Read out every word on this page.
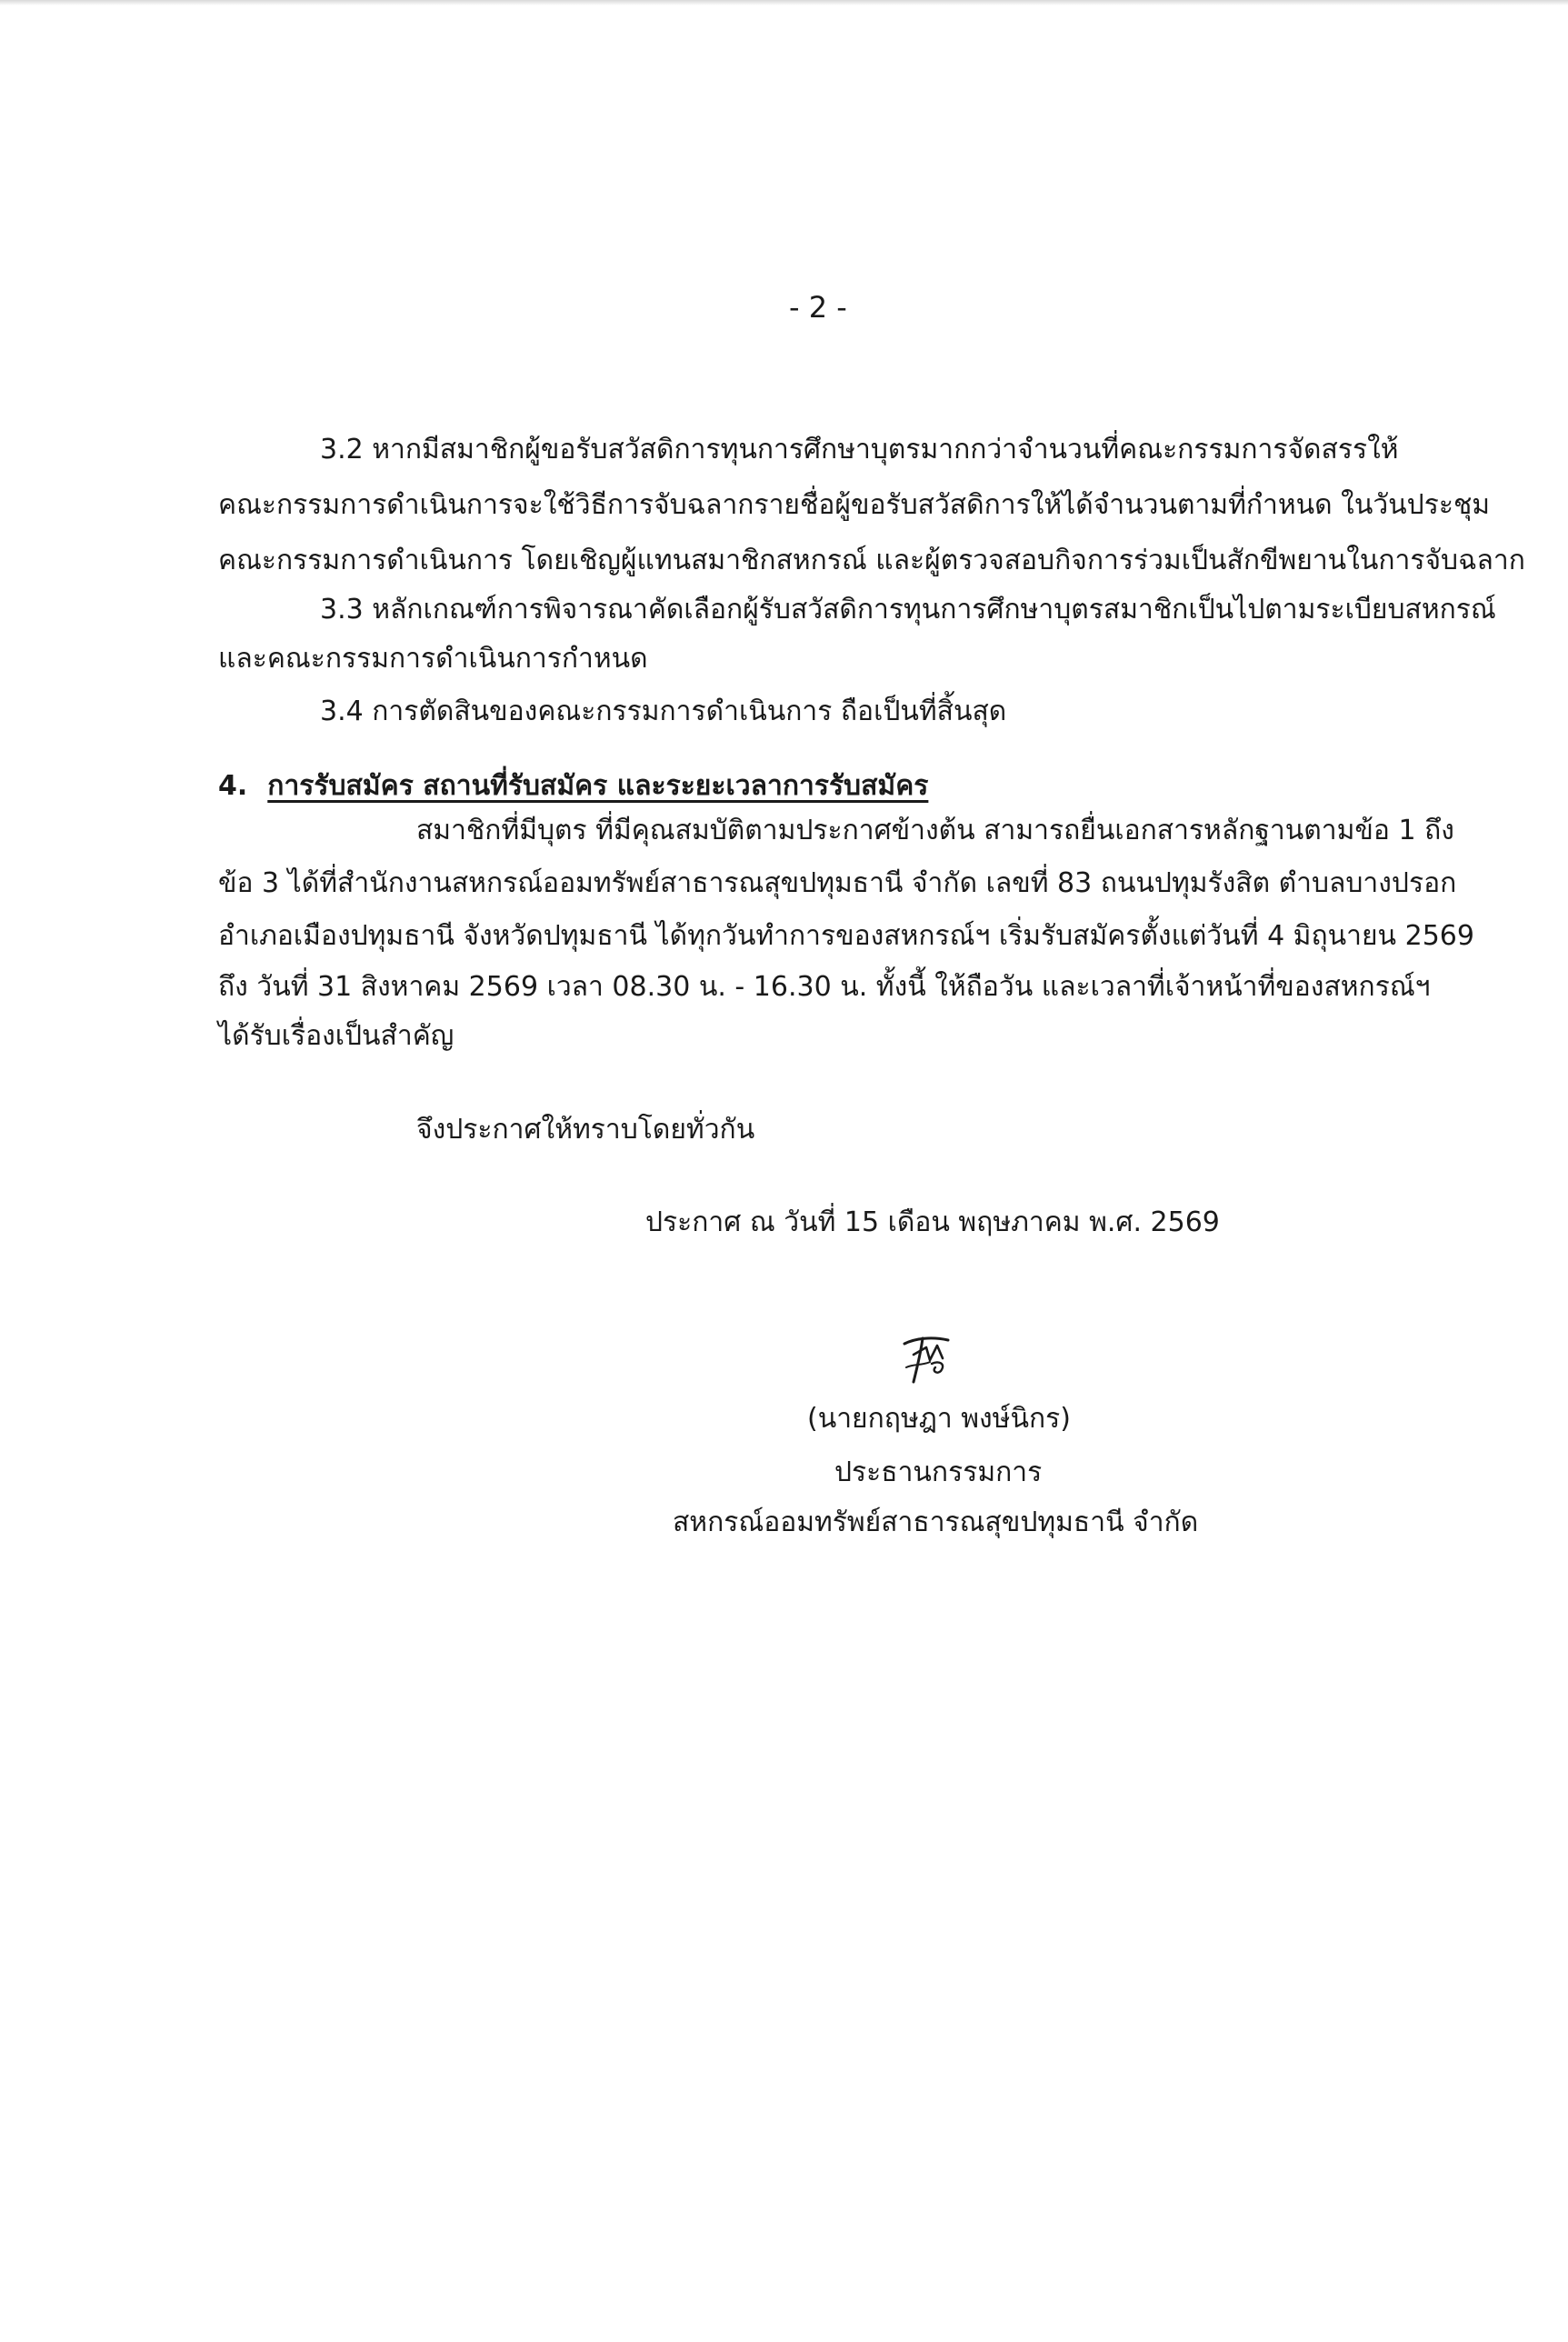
- 2 -
3.2 หากมีสมาชิกผู้ขอรับสวัสดิการทุนการศึกษาบุตรมากกว่าจำนวนที่คณะกรรมการจัดสรรให้
คณะกรรมการดำเนินการจะใช้วิธีการจับฉลากรายชื่อผู้ขอรับสวัสดิการให้ได้จำนวนตามที่กำหนด ในวันประชุม
คณะกรรมการดำเนินการ โดยเชิญผู้แทนสมาชิกสหกรณ์ และผู้ตรวจสอบกิจการร่วมเป็นสักขีพยานในการจับฉลาก
3.3 หลักเกณฑ์การพิจารณาคัดเลือกผู้รับสวัสดิการทุนการศึกษาบุตรสมาชิกเป็นไปตามระเบียบสหกรณ์
และคณะกรรมการดำเนินการกำหนด
3.4 การตัดสินของคณะกรรมการดำเนินการ ถือเป็นที่สิ้นสุด
4. การรับสมัคร สถานที่รับสมัคร และระยะเวลาการรับสมัคร
สมาชิกที่มีบุตร ที่มีคุณสมบัติตามประกาศข้างต้น สามารถยื่นเอกสารหลักฐานตามข้อ 1 ถึง
ข้อ 3 ได้ที่สำนักงานสหกรณ์ออมทรัพย์สาธารณสุขปทุมธานี จำกัด เลขที่ 83 ถนนปทุมรังสิต ตำบลบางปรอก
อำเภอเมืองปทุมธานี จังหวัดปทุมธานี ได้ทุกวันทำการของสหกรณ์ฯ เริ่มรับสมัครตั้งแต่วันที่ 4 มิถุนายน 2569
ถึง วันที่ 31 สิงหาคม 2569 เวลา 08.30 น. - 16.30 น. ทั้งนี้ ให้ถือวัน และเวลาที่เจ้าหน้าที่ของสหกรณ์ฯ
ได้รับเรื่องเป็นสำคัญ
จึงประกาศให้ทราบโดยทั่วกัน
ประกาศ ณ วันที่ 15 เดือน พฤษภาคม พ.ศ. 2569
(นายกฤษฎา พงษ์นิกร)
ประธานกรรมการ
สหกรณ์ออมทรัพย์สาธารณสุขปทุมธานี จำกัด
